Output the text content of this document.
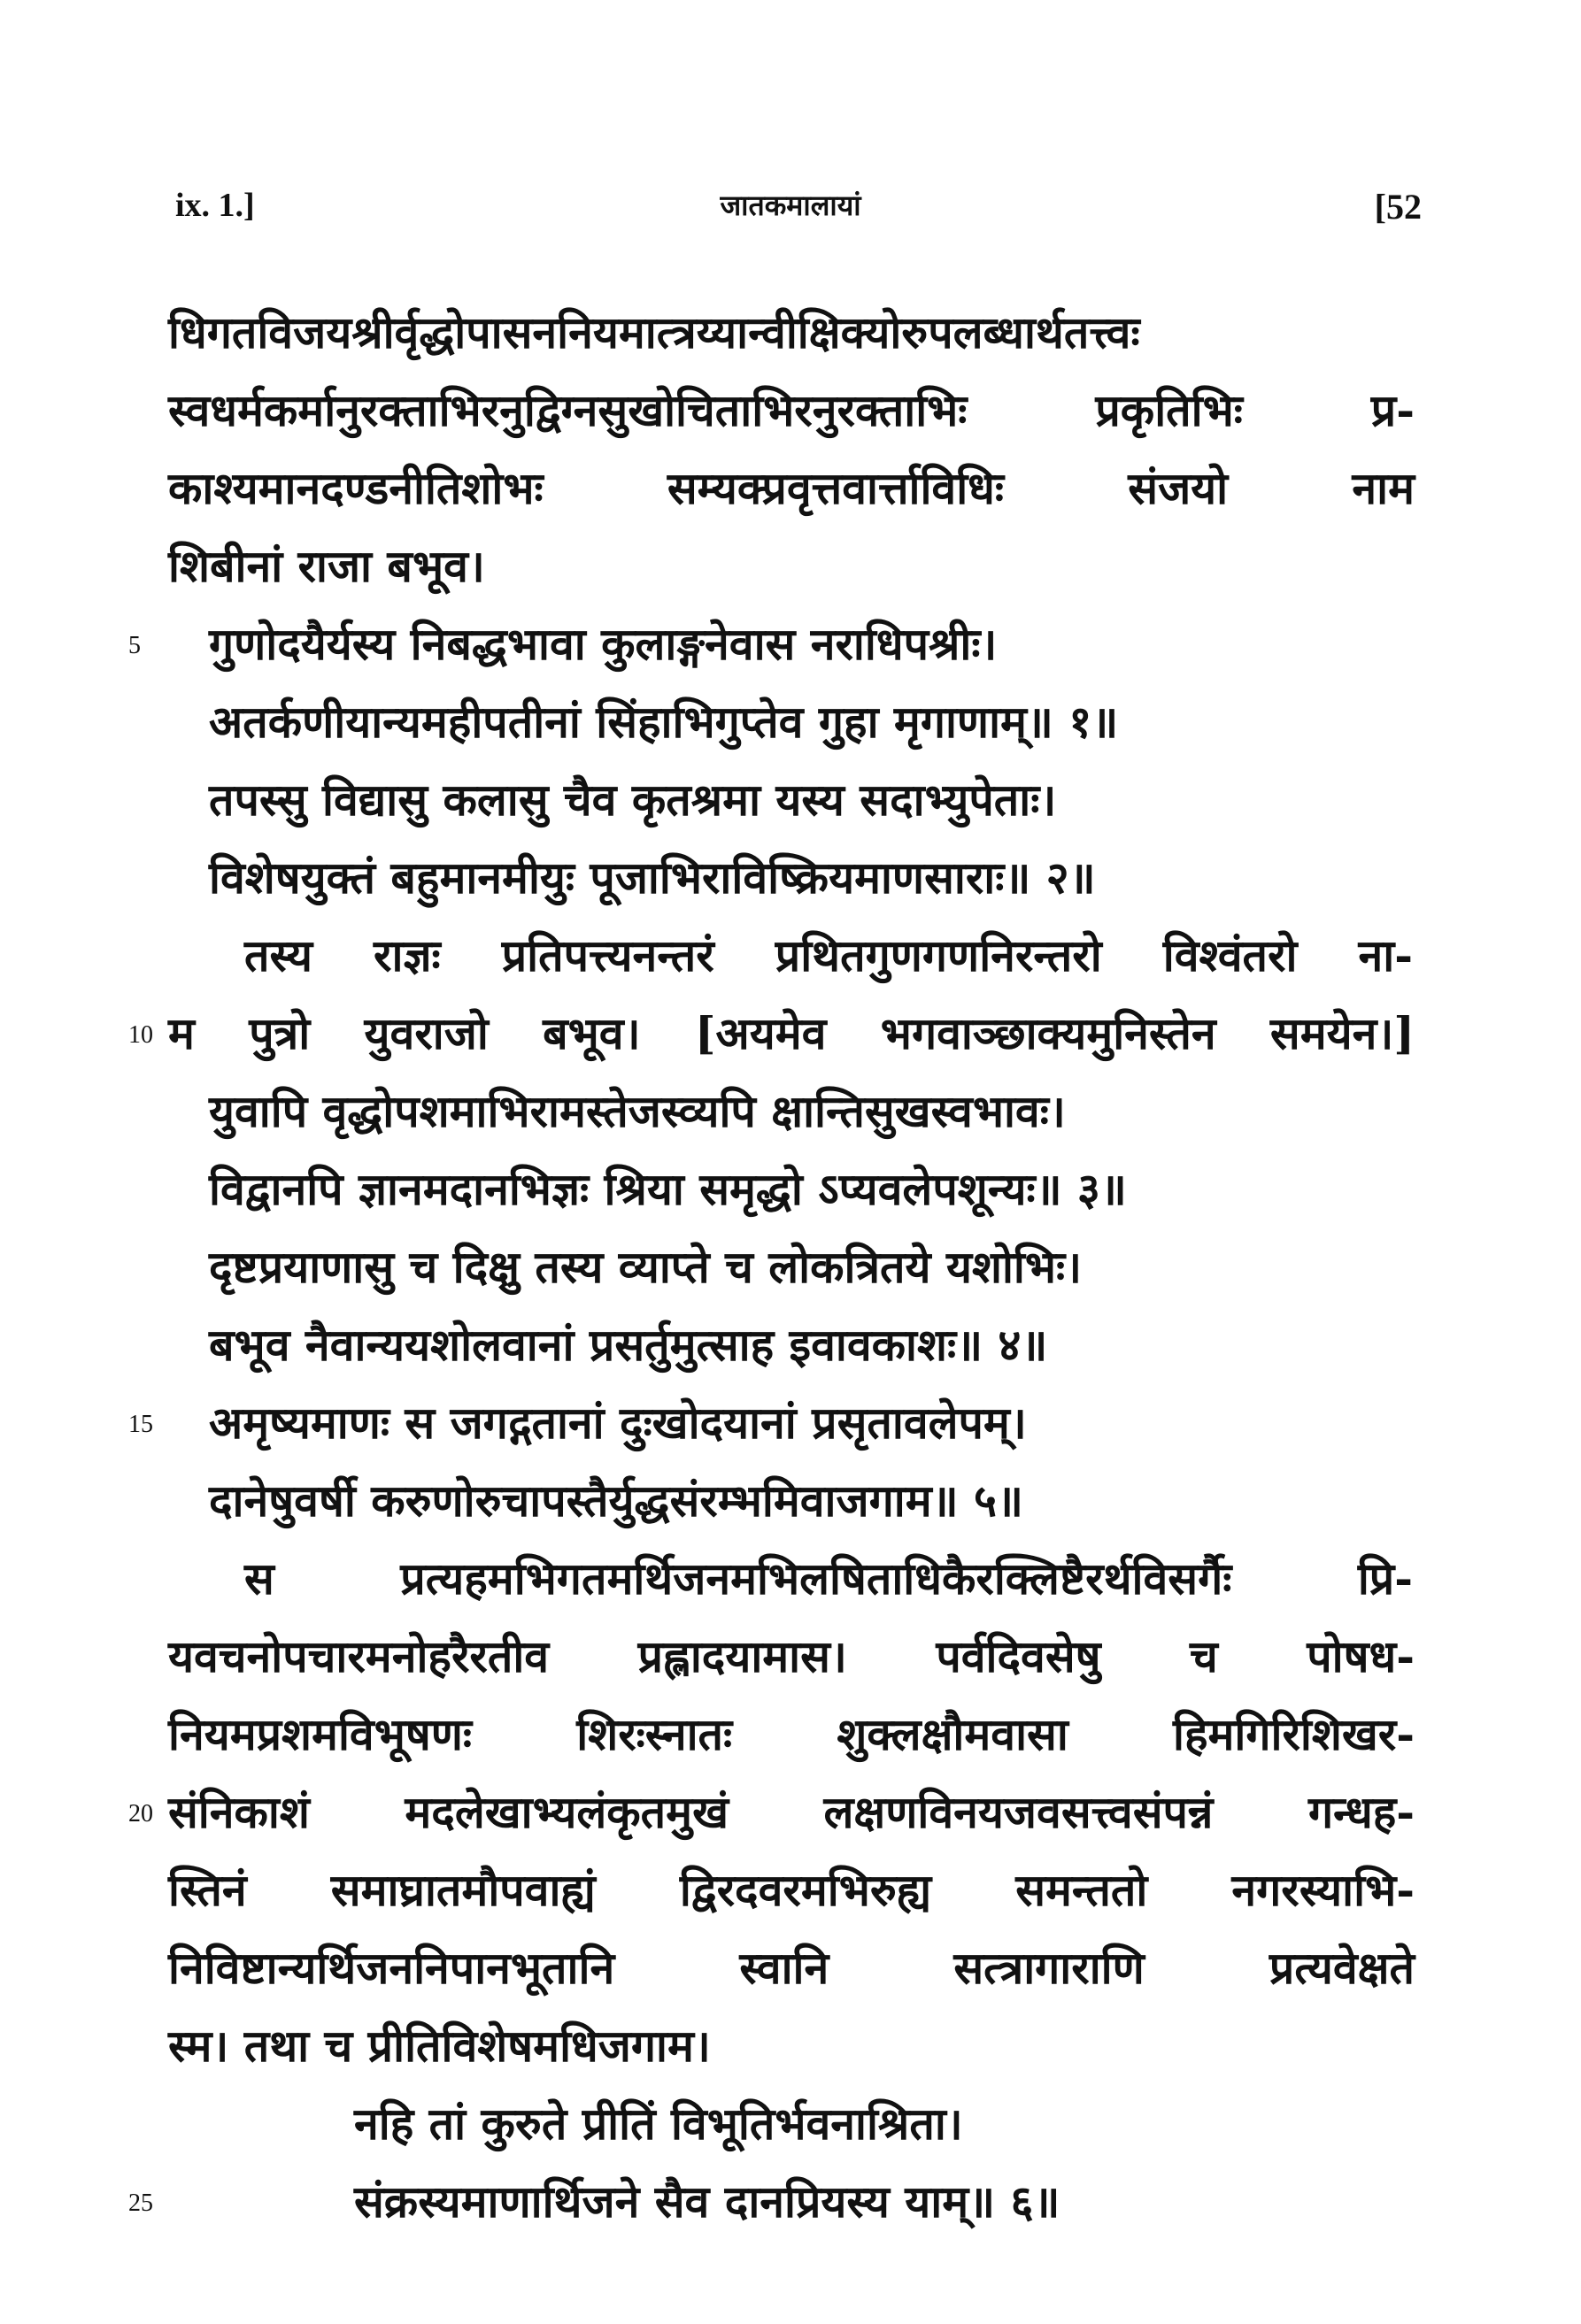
ix. 1.]	जातकमालायां	[52
धिगतविजयश्रीर्वृद्धोपासननियमात्त्रय्यान्वीक्षिक्योरुपलब्धार्थतत्त्वः
स्वधर्मकर्मानुरक्ताभिरनुद्विग्नसुखोचिताभिरनुरक्ताभिः प्रकृतिभिः प्र-
काश्यमानदण्डनीतिशोभः सम्यक्प्रवृत्तवार्त्ताविधिः संजयो नाम
शिबीनां राजा बभूव।
5 गुणोदयैर्यस्य निबद्धभावा कुलाङ्गनेवास नराधिपश्रीः।
अतर्कणीयान्यमहीपतीनां सिंहाभिगुप्तेव गुहा मृगाणाम्॥ १॥
तपस्सु विद्यासु कलासु चैव कृतश्रमा यस्य सदाभ्युपेताः।
विशेषयुक्तं बहुमानमीयुः पूजाभिराविष्क्रियमाणसाराः॥ २॥
तस्य राज्ञः प्रतिपत्त्यनन्तरं प्रथितगुणगणनिरन्तरो विश्वंतरो ना-
10 म पुत्रो युवराजो बभूव। [अयमेव भगवाञ्छाक्यमुनिस्तेन समयेन।]
युवापि वृद्धोपशमाभिरामस्तेजस्व्यपि क्षान्तिसुखस्वभावः।
विद्वानपि ज्ञानमदानभिज्ञः श्रिया समृद्धो ऽप्यवलेपशून्यः॥ ३॥
दृष्टप्रयाणासु च दिक्षु तस्य व्याप्ते च लोकत्रितये यशोभिः।
बभूव नैवान्ययशोलवानां प्रसर्तुमुत्साह इवावकाशः॥ ४॥
15 अमृष्यमाणः स जगद्गतानां दुःखोदयानां प्रसृतावलेपम्।
दानेषुवर्षी करुणोरुचापस्तैर्युद्धसंरम्भमिवाजगाम॥ ५॥
स प्रत्यहमभिगतमर्थिजनमभिलषिताधिकैरक्लिष्टैरर्थविसर्गैः प्रि-
यवचनोपचारमनोहरैरतीव प्रह्लादयामास। पर्वदिवसेषु च पोषध-
नियमप्रशमविभूषणः शिरःस्नातः शुक्लक्षौमवासा हिमगिरिशिखर-
20 संनिकाशं मदलेखाभ्यलंकृतमुखं लक्षणविनयजवसत्त्वसंपन्नं गन्धह-
स्तिनं समाघ्रातमौपवाह्यं द्विरदवरमभिरुह्य समन्ततो नगरस्याभि-
निविष्टान्यर्थिजननिपानभूतानि स्वानि सत्त्रागाराणि प्रत्यवेक्षते
स्म। तथा च प्रीतिविशेषमधिजगाम।
नहि तां कुरुते प्रीतिं विभूतिर्भवनाश्रिता।
25	संक्रस्यमाणार्थिजने सैव दानप्रियस्य याम्॥ ६॥
